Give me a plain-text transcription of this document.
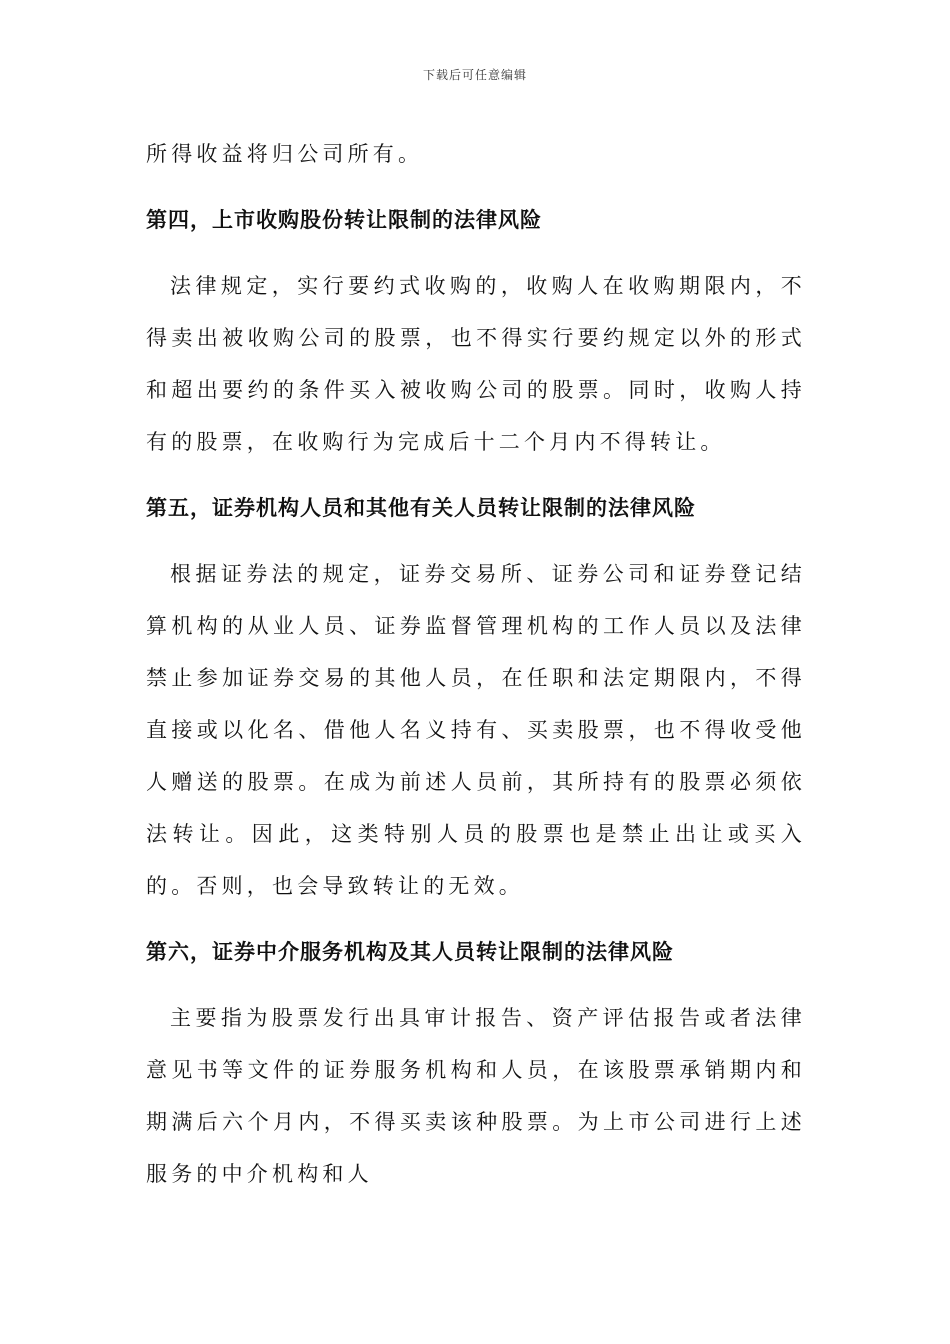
下载后可任意编辑

所得收益将归公司所有。

第四，上市收购股份转让限制的法律风险

法律规定，实行要约式收购的，收购人在收购期限内，不得卖出被收购公司的股票，也不得实行要约规定以外的形式和超出要约的条件买入被收购公司的股票。同时，收购人持有的股票，在收购行为完成后十二个月内不得转让。

第五，证券机构人员和其他有关人员转让限制的法律风险

根据证券法的规定，证券交易所、证券公司和证券登记结算机构的从业人员、证券监督管理机构的工作人员以及法律禁止参加证券交易的其他人员，在任职和法定期限内，不得直接或以化名、借他人名义持有、买卖股票，也不得收受他人赠送的股票。在成为前述人员前，其所持有的股票必须依法转让。因此，这类特别人员的股票也是禁止出让或买入的。否则，也会导致转让的无效。

第六，证券中介服务机构及其人员转让限制的法律风险

主要指为股票发行出具审计报告、资产评估报告或者法律意见书等文件的证券服务机构和人员，在该股票承销期内和期满后六个月内，不得买卖该种股票。为上市公司进行上述服务的中介机构和人
